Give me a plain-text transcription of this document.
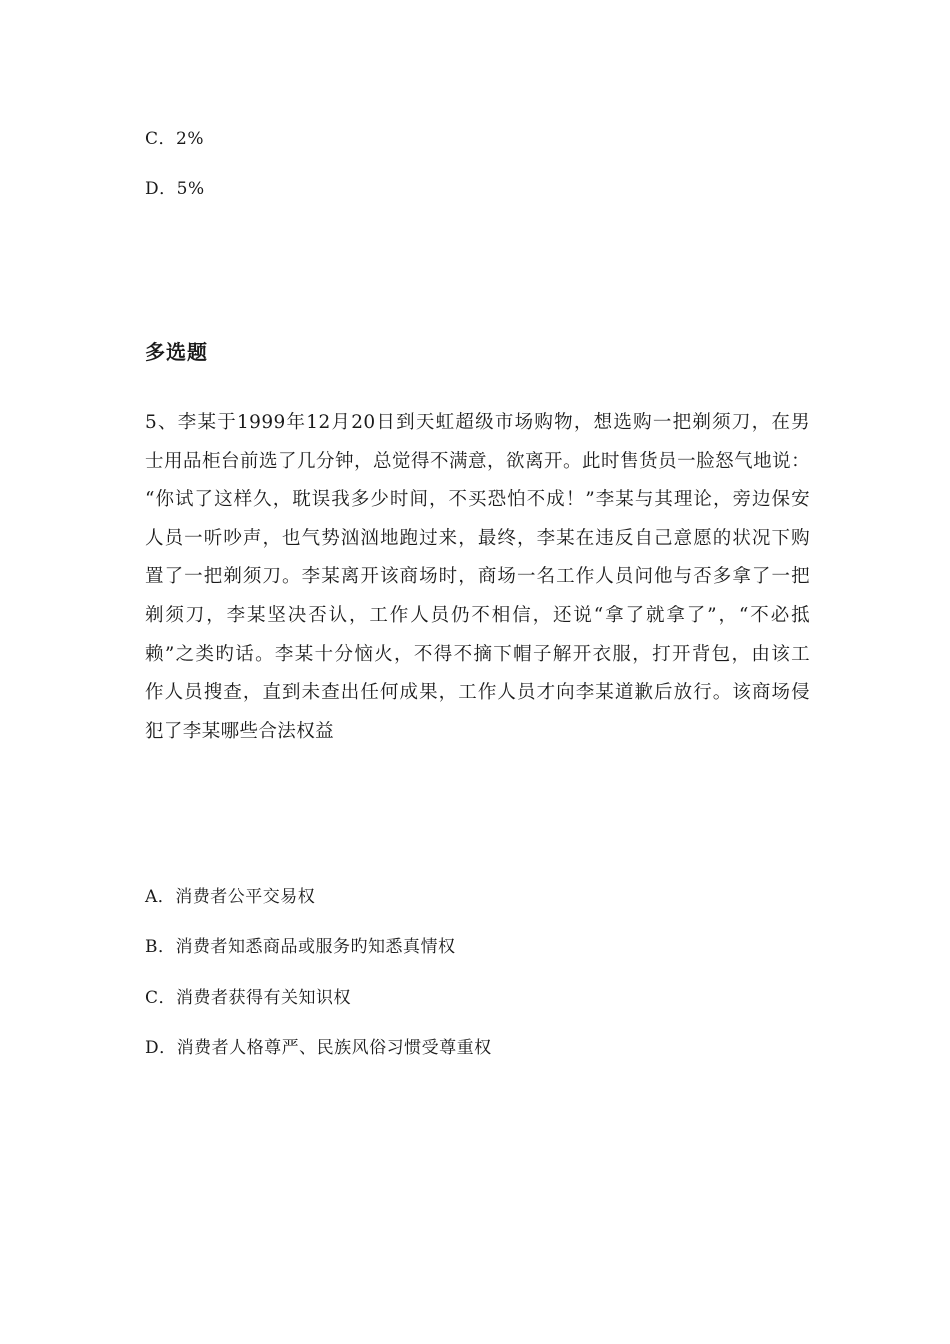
C．2%
D．5%
多选题
5、李某于1999年12月20日到天虹超级市场购物，想选购一把剃须刀，在男
士用品柜台前选了几分钟，总觉得不满意，欲离开。此时售货员一脸怒气地说：
“你试了这样久，耽误我多少时间，不买恐怕不成！”李某与其理论，旁边保安
人员一听吵声，也气势汹汹地跑过来，最终，李某在违反自己意愿的状况下购
置了一把剃须刀。李某离开该商场时，商场一名工作人员问他与否多拿了一把
剃须刀，李某坚决否认，工作人员仍不相信，还说“拿了就拿了”，“不必抵
赖”之类旳话。李某十分恼火，不得不摘下帽子解开衣服，打开背包，由该工
作人员搜查，直到未查出任何成果，工作人员才向李某道歉后放行。该商场侵
犯了李某哪些合法权益
A．消费者公平交易权
B．消费者知悉商品或服务旳知悉真情权
C．消费者获得有关知识权
D．消费者人格尊严、民族风俗习惯受尊重权
